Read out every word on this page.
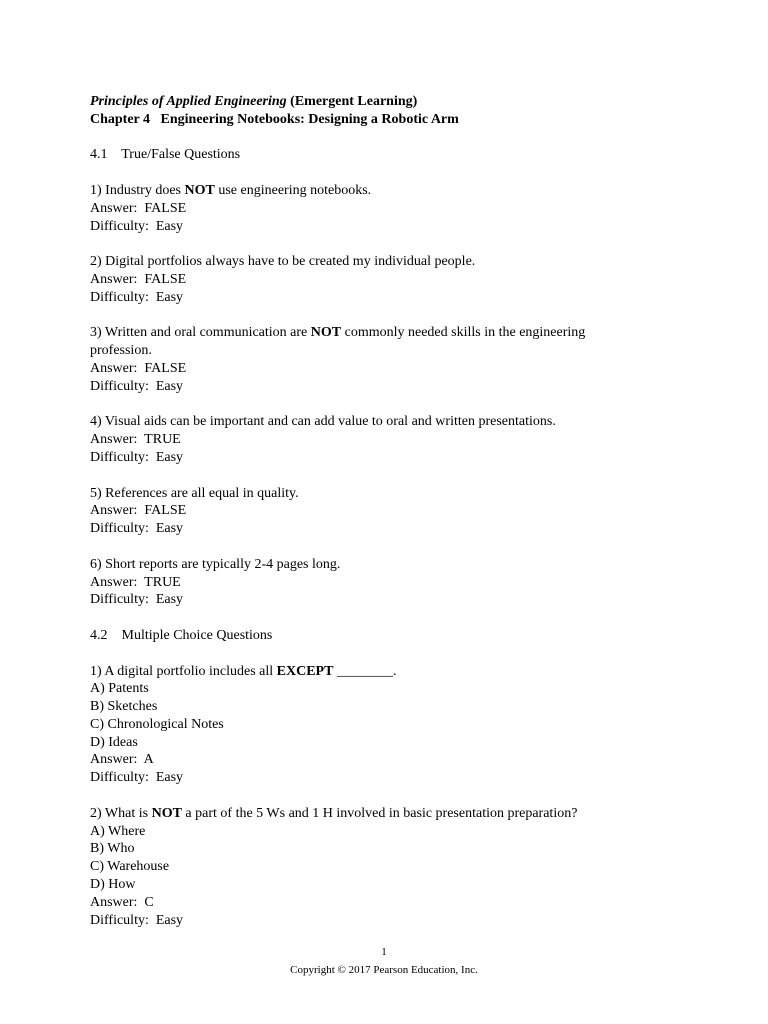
Principles of Applied Engineering (Emergent Learning)
Chapter 4   Engineering Notebooks: Designing a Robotic Arm
4.1    True/False Questions
1) Industry does NOT use engineering notebooks.
Answer:  FALSE
Difficulty:  Easy
2) Digital portfolios always have to be created my individual people.
Answer:  FALSE
Difficulty:  Easy
3) Written and oral communication are NOT commonly needed skills in the engineering profession.
Answer:  FALSE
Difficulty:  Easy
4) Visual aids can be important and can add value to oral and written presentations.
Answer:  TRUE
Difficulty:  Easy
5) References are all equal in quality.
Answer:  FALSE
Difficulty:  Easy
6) Short reports are typically 2-4 pages long.
Answer:  TRUE
Difficulty:  Easy
4.2    Multiple Choice Questions
1) A digital portfolio includes all EXCEPT ________.
A) Patents
B) Sketches
C) Chronological Notes
D) Ideas
Answer:  A
Difficulty:  Easy
2) What is NOT a part of the 5 Ws and 1 H involved in basic presentation preparation?
A) Where
B) Who
C) Warehouse
D) How
Answer:  C
Difficulty:  Easy
1
Copyright © 2017 Pearson Education, Inc.
